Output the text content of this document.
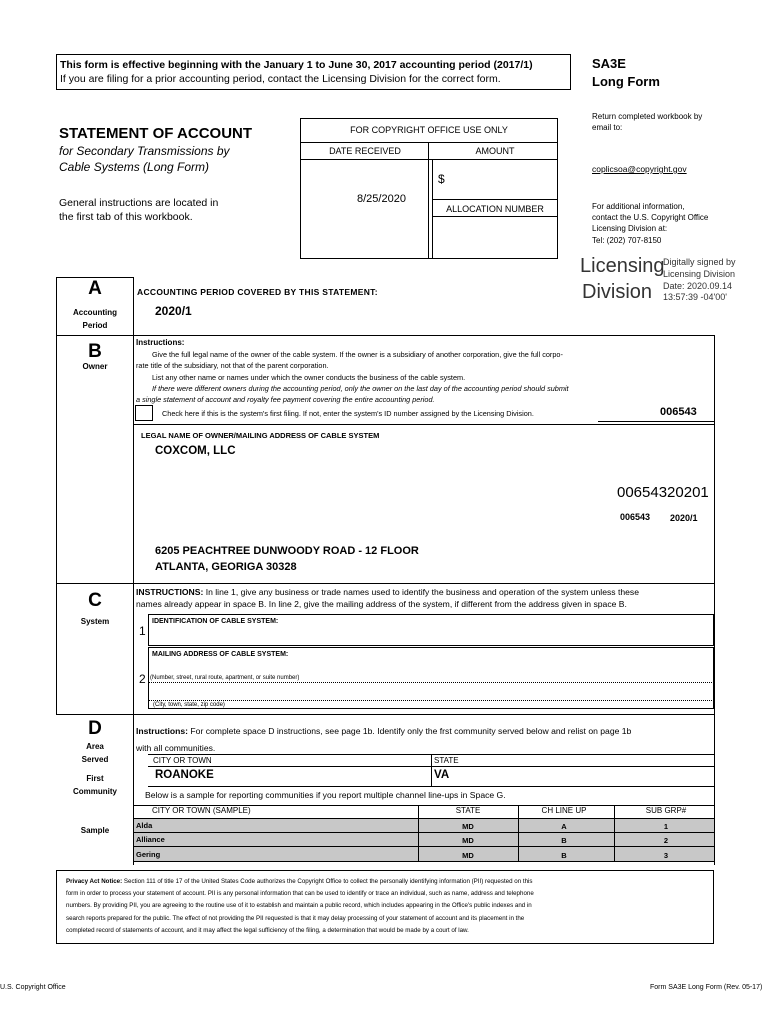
This form is effective beginning with the January 1 to June 30, 2017 accounting period (2017/1)
If you are filing for a prior accounting period, contact the Licensing Division for the correct form.
SA3E
Long Form
Return completed workbook by email to:
coplicsoa@copyright.gov
For additional information, contact the U.S. Copyright Office Licensing Division at:
Tel: (202) 707-8150
STATEMENT OF ACCOUNT
for Secondary Transmissions by
Cable Systems (Long Form)
General instructions are located in
the first tab of this workbook.
FOR COPYRIGHT OFFICE USE ONLY
DATE RECEIVED	AMOUNT
8/25/2020
$
ALLOCATION NUMBER
Licensing
Division
Digitally signed by Licensing Division
Date: 2020.09.14
13:57:39 -04'00'
A
Accounting
Period
ACCOUNTING PERIOD COVERED BY THIS STATEMENT:
2020/1
B
Owner
Instructions:
Give the full legal name of the owner of the cable system. If the owner is a subsidiary of another corporation, give the full corpo-
rate title of the subsidiary, not that of the parent corporation.
List any other name or names under which the owner conducts the business of the cable system.
If there were different owners during the accounting period, only the owner on the last day of the accounting period should submit
a single statement of account and royalty fee payment covering the entire accounting period.
Check here if this is the system's first filing. If not, enter the system's ID number assigned by the Licensing Division.	006543
LEGAL NAME OF OWNER/MAILING ADDRESS OF CABLE SYSTEM
COXCOM, LLC
00654320201
006543 2020/1
6205 PEACHTREE DUNWOODY ROAD - 12 FLOOR
ATLANTA, GEORIGA 30328
C
System
INSTRUCTIONS: In line 1, give any business or trade names used to identify the business and operation of the system unless these
names already appear in space B. In line 2, give the mailing address of the system, if different from the address given in space B.
IDENTIFICATION OF CABLE SYSTEM:
1
MAILING ADDRESS OF CABLE SYSTEM:
2 (Number, street, rural route, apartment, or suite number)
(City, town, state, zip code)
D
Area
Served
First
Community
Sample
Instructions: For complete space D instructions, see page 1b. Identify only the frst community served below and relist on page 1b
with all communities.
CITY OR TOWN	STATE
ROANOKE	VA
Below is a sample for reporting communities if you report multiple channel line-ups in Space G.
CITY OR TOWN (SAMPLE)	STATE	CH LINE UP	SUB GRP#
Alda	MD	A	1
Alliance	MD	B	2
Gering	MD	B	3
Privacy Act Notice: Section 111 of title 17 of the United States Code authorizes the Copyright Office to collect the personally identifying information (PII) requested on this
form in order to process your statement of account. PII is any personal information that can be used to identify or trace an individual, such as name, address and telephone
numbers. By providing PII, you are agreeing to the routine use of it to establish and maintain a public record, which includes appearing in the Office's public indexes and in
search reports prepared for the public. The effect of not providing the PII requested is that it may delay processing of your statement of account and its placement in the
completed record of statements of account, and it may affect the legal sufficiency of the filing, a determination that would be made by a court of law.
U.S. Copyright Office	Form SA3E Long Form (Rev. 05-17)
